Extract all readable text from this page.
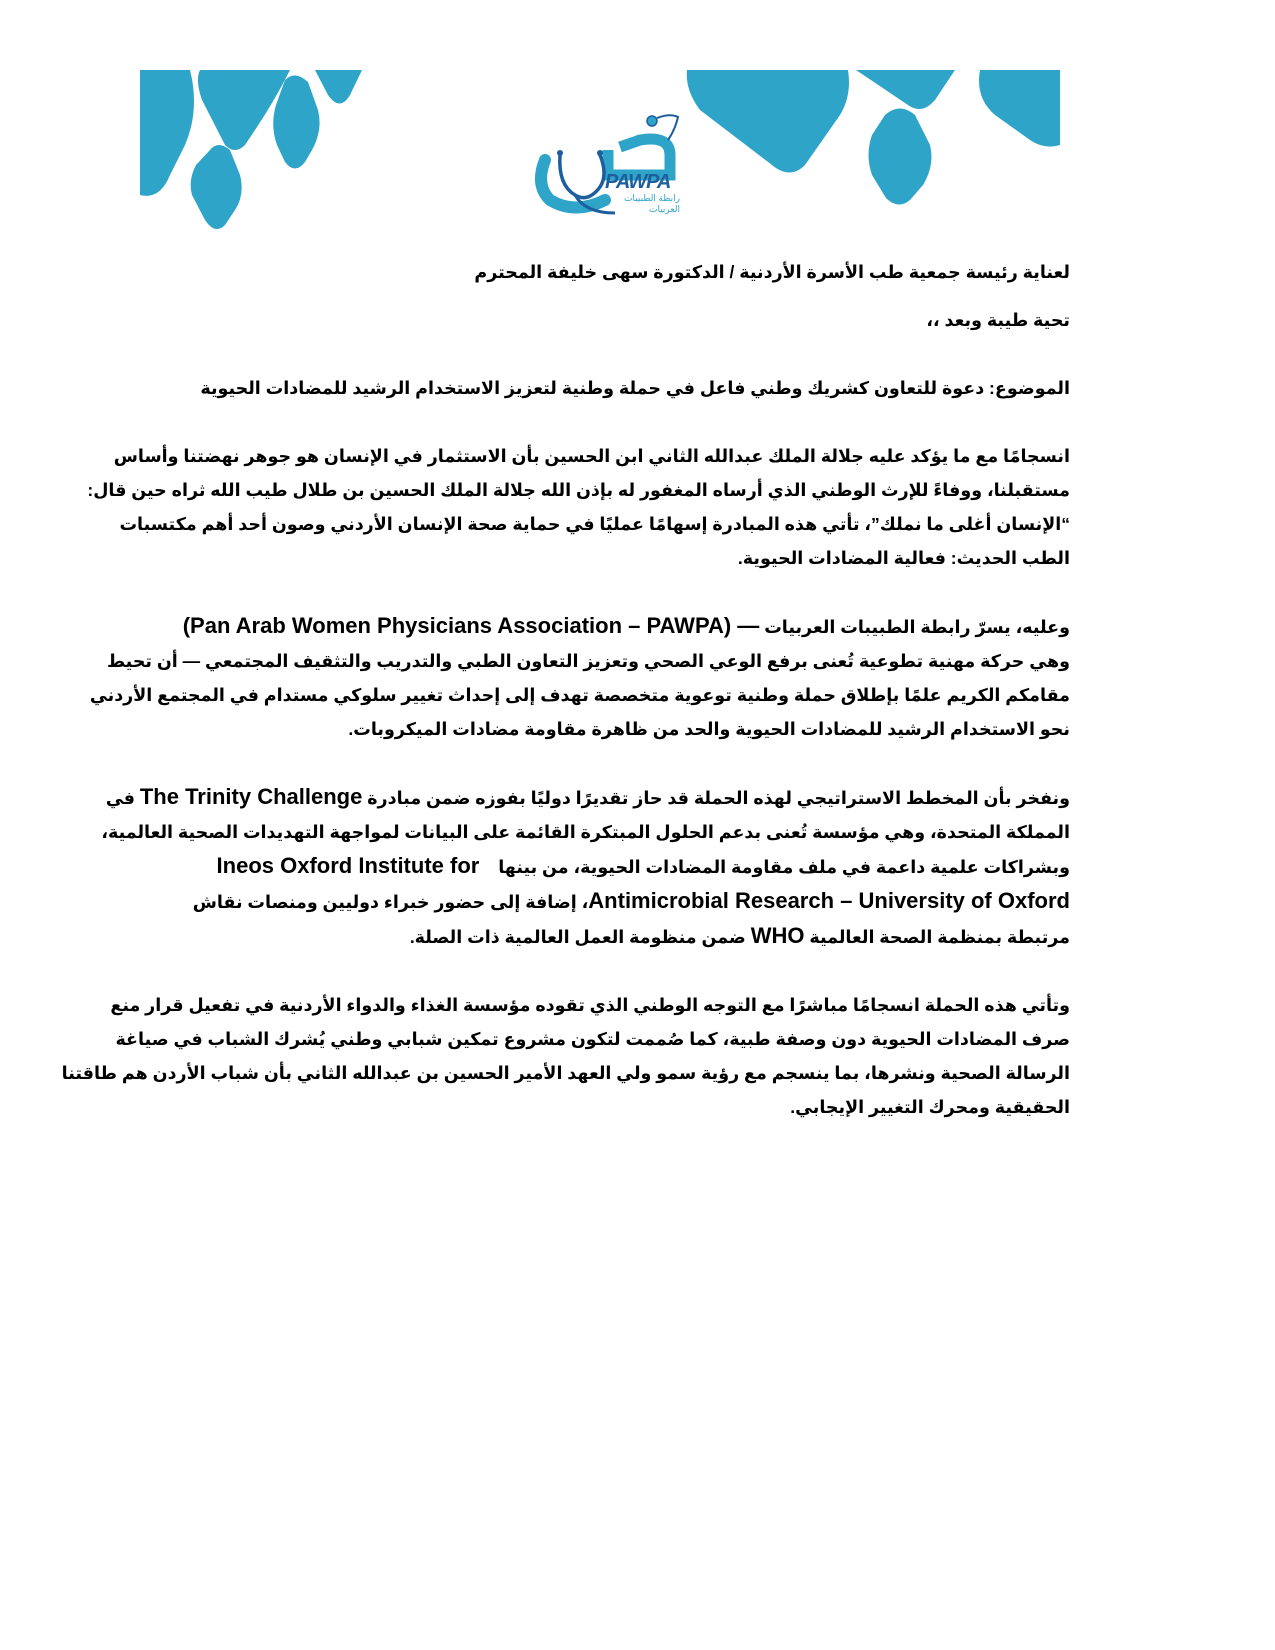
PAWPA
رابطة الطبيبات العربيات
لعناية رئيسة جمعية طب الأسرة الأردنية / الدكتورة سهى خليفة المحترم
تحية طيبة وبعد ،،
الموضوع: دعوة للتعاون كشريك وطني فاعل في حملة وطنية لتعزيز الاستخدام الرشيد للمضادات الحيوية
انسجامًا مع ما يؤكد عليه جلالة الملك عبدالله الثاني ابن الحسين بأن الاستثمار في الإنسان هو جوهر نهضتنا وأساس
مستقبلنا، ووفاءً للإرث الوطني الذي أرساه المغفور له بإذن الله جلالة الملك الحسين بن طلال طيب الله ثراه حين قال:
“الإنسان أغلى ما نملك”، تأتي هذه المبادرة إسهامًا عمليًا في حماية صحة الإنسان الأردني وصون أحد أهم مكتسبات
الطب الحديث: فعالية المضادات الحيوية.
وعليه، يسرّ رابطة الطبيبات العربيات (Pan Arab Women Physicians Association – PAWPA) —
وهي حركة مهنية تطوعية تُعنى برفع الوعي الصحي وتعزيز التعاون الطبي والتدريب والتثقيف المجتمعي — أن تحيط
مقامكم الكريم علمًا بإطلاق حملة وطنية توعوية متخصصة تهدف إلى إحداث تغيير سلوكي مستدام في المجتمع الأردني
نحو الاستخدام الرشيد للمضادات الحيوية والحد من ظاهرة مقاومة مضادات الميكروبات.
ونفخر بأن المخطط الاستراتيجي لهذه الحملة قد حاز تقديرًا دوليًا بفوزه ضمن مبادرة The Trinity Challenge في
المملكة المتحدة، وهي مؤسسة تُعنى بدعم الحلول المبتكرة القائمة على البيانات لمواجهة التهديدات الصحية العالمية،
وبشراكات علمية داعمة في ملف مقاومة المضادات الحيوية، من بينها Ineos Oxford Institute for
Antimicrobial Research – University of Oxford، إضافة إلى حضور خبراء دوليين ومنصات نقاش
مرتبطة بمنظمة الصحة العالمية WHO ضمن منظومة العمل العالمية ذات الصلة.
وتأتي هذه الحملة انسجامًا مباشرًا مع التوجه الوطني الذي تقوده مؤسسة الغذاء والدواء الأردنية في تفعيل قرار منع
صرف المضادات الحيوية دون وصفة طبية، كما صُممت لتكون مشروع تمكين شبابي وطني يُشرك الشباب في صياغة
الرسالة الصحية ونشرها، بما ينسجم مع رؤية سمو ولي العهد الأمير الحسين بن عبدالله الثاني بأن شباب الأردن هم طاقتنا
الحقيقية ومحرك التغيير الإيجابي.
